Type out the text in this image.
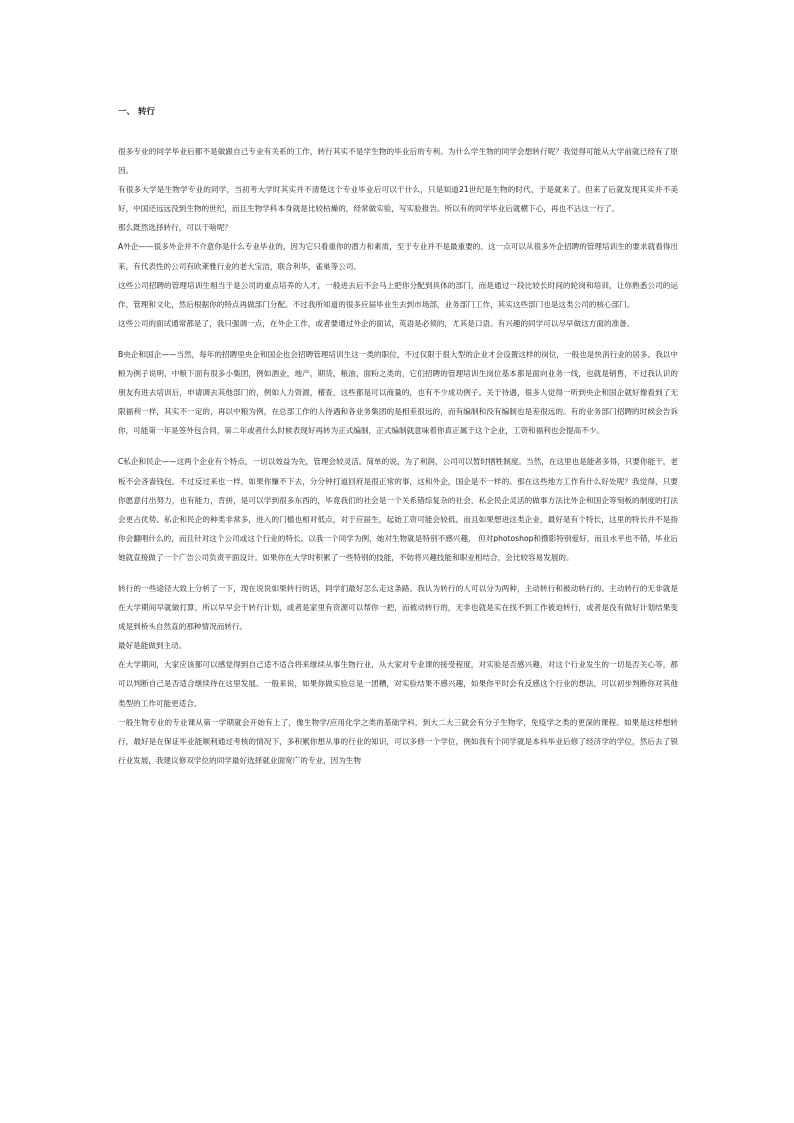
一、 转行

很多专业的同学毕业后都不是做跟自己专业有关系的工作，转行其实不是学生物的毕业后的专利。为什么学生物的同学会想转行呢？我觉得可能从大学前就已经有了原因。

有很多大学是生物学专业的同学，当初考大学时其实并不清楚这个专业毕业后可以干什么，只是知道21世纪是生物的时代，于是就来了。但来了后就发现其实并不美好，中国还远远没到生物的世纪，而且生物学科本身就是比较枯燥的，经常做实验，写实验报告。所以有的同学毕业后就横下心，再也不沾这一行了。

那么既然选择转行，可以干啥呢？

A外企——很多外企并不介意你是什么专业毕业的，因为它只看重你的潜力和素质，至于专业并不是最重要的。这一点可以从很多外企招聘的管理培训生的要求就看得出来，有代表性的公司有欧莱雅行业的老大宝洁，联合利华，雀巢等公司。

这些公司招聘的管理培训生相当于是公司的重点培养的人才，一般进去后不会马上把你分配到具体的部门，而是通过一段比较长时间的轮岗和培训，让你熟悉公司的运作，管理和文化，然后根据你的特点再做部门分配。不过我所知道的很多应届毕业生去到市场部，业务部门工作，其实这些部门也是这类公司的核心部门。

这些公司的面试通常都是了，我只强调一点，在外企工作，或者要通过外企的面试，英语是必须的，尤其是口语。有兴趣的同学可以尽早做这方面的准备。

B央企和国企——当然，每年的招聘里央企和国企也会招聘管理培训生这一类的职位，不过仅限于很大型的企业才会设置这样的岗位，一般也是快消行业的居多。我以中粮为例子说明，中粮下面有很多小集团，例如酒业，地产，期货，粮油，面粉之类的，它们招聘的管理培训生岗位基本都是面向业务一线，也就是销售，不过我认识的朋友有进去培训后，申请调去其他部门的，例如人力资源，稽查，这些都是可以商量的，也有不少成功例子。关于待遇，很多人觉得一听到央企和国企就好像看到了无限福利一样，其实不一定的，再以中粮为例，在总部工作的人待遇和各业务集团的是相差很远的，而有编制和没有编制也是差很远的。有的业务部门招聘的时候会告诉你，可能第一年是签外包合同，第二年或者什么时候表现好再转为正式编制，正式编制就意味着你真正属于这个企业，工资和福利也会提高不少。

C私企和民企——这两个企业有个特点，一切以效益为先，管理会较灵活。简单的说，为了利润，公司可以暂时牺牲制度。当然，在这里也是能者多得，只要你能干，老板不会吝啬钱包。不过反过来也一样，如果你赚不下去，分分钟打道回府是很正常的事，这和外企，国企是不一样的。那在这些地方工作有什么好处呢？我觉得，只要你愿意付出努力，也有能力，肯拼，是可以学到很多东西的，毕竟我们的社会是一个关系错综复杂的社会，私企民企灵活的做事方法比外企和国企等刻板的制度的打法会更占优势。私企和民企的种类非常多，进入的门槛也相对低点，对于应届生，起始工资可能会较低。而且如果想进这类企业，最好是有个特长，这里的特长并不是指你会翻唱什么的，而且针对这个公司或这个行业的特长。以我一个同学为例，她对生物就是特别不感兴趣， 但对photoshop和摄影特别爱好，而且水平也不错，毕业后她就直接做了一个广告公司负责平面设计。如果你在大学时积累了一些特别的技能，不妨将兴趣技能和职业相结合，会比较容易发展的。

转行的一些途径大致上分析了一下，现在说说如果转行的话，同学们最好怎么走这条路。我认为转行的人可以分为两种，主动转行和被动转行的。主动转行的无非就是在大学期间早就做打算，所以早早会干转行计划，或者是家里有资源可以帮你一把，而被动转行的，无非也就是实在找不到工作被迫转行，或者是没有做好计划结果变成是到桥头自然直的那种情况而转行。

最好是能做到主动。

在大学期间，大家应该都可以感觉得到自己适不适合将来继续从事生物行业，从大家对专业课的接受程度，对实验是否感兴趣，对这个行业发生的一切是否关心等，都可以判断自己是否适合继续待在这里发展。一般来说，如果你做实验总是一团糟，对实验结果不感兴趣，如果你平时会有反感这个行业的想法，可以初步判断你对其他类型的工作可能更适合。

一般生物专业的专业课从第一学期就会开始有上了，像生物学/应用化学之类的基础学科，到大二大三就会有分子生物学，免疫学之类的更深的课程。如果是这样想转行，最好是在保证毕业能顺利通过考核的情况下，多积累你想从事的行业的知识，可以多修一个学位，例如我有个同学就是本科毕业后修了经济学的学位，然后去了银行业发展，我建议修双学位的同学最好选择就业面宽广的专业，因为生物
